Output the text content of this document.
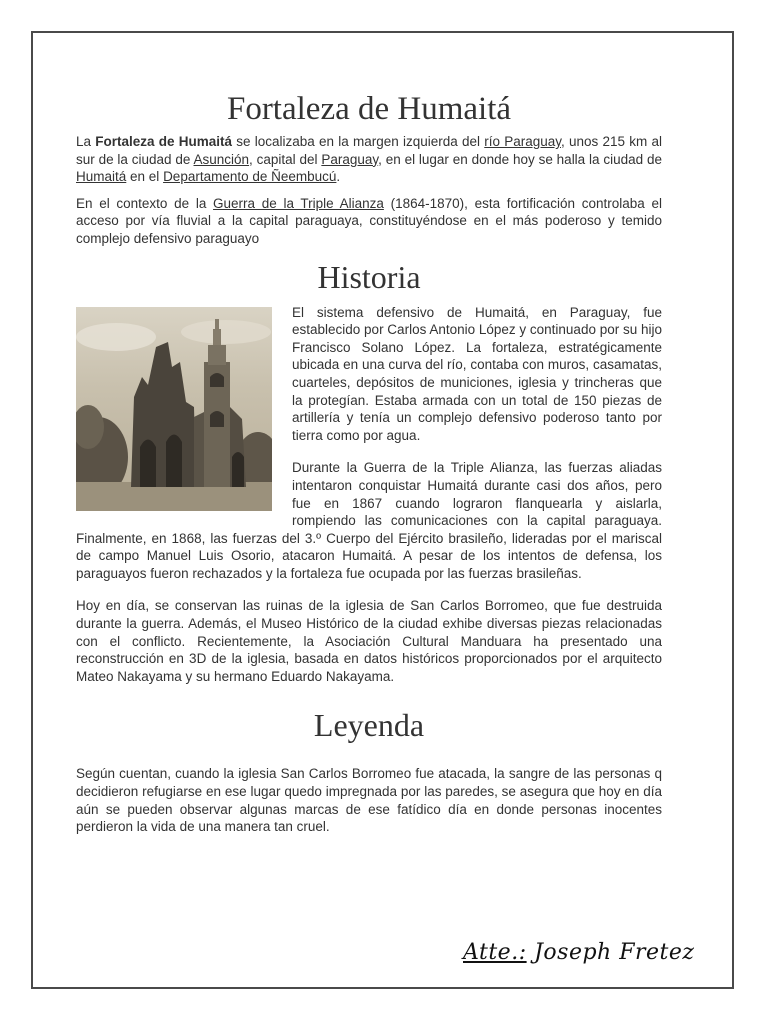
Fortaleza de Humaitá

La Fortaleza de Humaitá se localizaba en la margen izquierda del río Paraguay, unos 215 km al sur de la ciudad de Asunción, capital del Paraguay, en el lugar en donde hoy se halla la ciudad de Humaitá en el Departamento de Ñeembucú.

En el contexto de la Guerra de la Triple Alianza (1864-1870), esta fortificación controlaba el acceso por vía fluvial a la capital paraguaya, constituyéndose en el más poderoso y temido complejo defensivo paraguayo

Historia

El sistema defensivo de Humaitá, en Paraguay, fue establecido por Carlos Antonio López y continuado por su hijo Francisco Solano López. La fortaleza, estratégicamente ubicada en una curva del río, contaba con muros, casamatas, cuarteles, depósitos de municiones, iglesia y trincheras que la protegían. Estaba armada con un total de 150 piezas de artillería y tenía un complejo defensivo poderoso tanto por tierra como por agua.

Durante la Guerra de la Triple Alianza, las fuerzas aliadas intentaron conquistar Humaitá durante casi dos años, pero fue en 1867 cuando lograron flanquearla y aislarla, rompiendo las comunicaciones con la capital paraguaya. Finalmente, en 1868, las fuerzas del 3.º Cuerpo del Ejército brasileño, lideradas por el mariscal de campo Manuel Luis Osorio, atacaron Humaitá. A pesar de los intentos de defensa, los paraguayos fueron rechazados y la fortaleza fue ocupada por las fuerzas brasileñas.

Hoy en día, se conservan las ruinas de la iglesia de San Carlos Borromeo, que fue destruida durante la guerra. Además, el Museo Histórico de la ciudad exhibe diversas piezas relacionadas con el conflicto. Recientemente, la Asociación Cultural Manduara ha presentado una reconstrucción en 3D de la iglesia, basada en datos históricos proporcionados por el arquitecto Mateo Nakayama y su hermano Eduardo Nakayama.

Leyenda

Según cuentan, cuando la iglesia San Carlos Borromeo fue atacada, la sangre de las personas q decidieron refugiarse en ese lugar quedo impregnada por las paredes, se asegura que hoy en día aún se pueden observar algunas marcas de ese fatídico día en donde personas inocentes perdieron la vida de una manera tan cruel.

Atte.: Joseph Fretez
